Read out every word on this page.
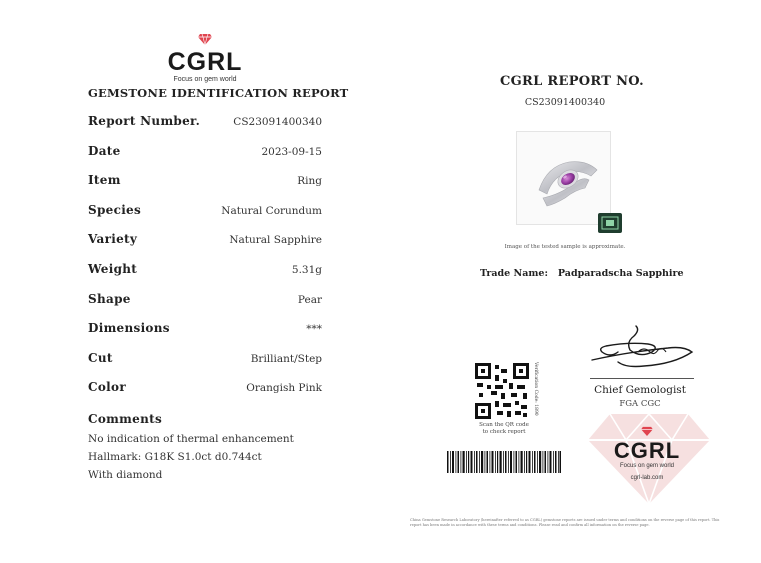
CGRL
Focus on gem world
GEMSTONE IDENTIFICATION REPORT
Report Number.	CS23091400340
Date	2023-09-15
Item	Ring
Species	Natural Corundum
Variety	Natural Sapphire
Weight	5.31g
Shape	Pear
Dimensions	***
Cut	Brilliant/Step
Color	Orangish Pink
Comments
No indication of thermal enhancement
Hallmark: G18K S1.0ct d0.744ct
With diamond
CGRL REPORT NO.
CS23091400340
Image of the tested sample is approximate.
Trade Name: Padparadscha Sapphire
Chief Gemologist
FGA CGC
Verification Code: 1890
Scan the QR code
to check report
CGRL
Focus on gem world
cgrl-lab.com
China Gemstone Research Laboratory (hereinafter referred to as CGRL) gemstone reports are issued under terms and conditions on the reverse page of this report. This report has been made in accordance with these terms and conditions. Please read and confirm all information on the reverse page.
